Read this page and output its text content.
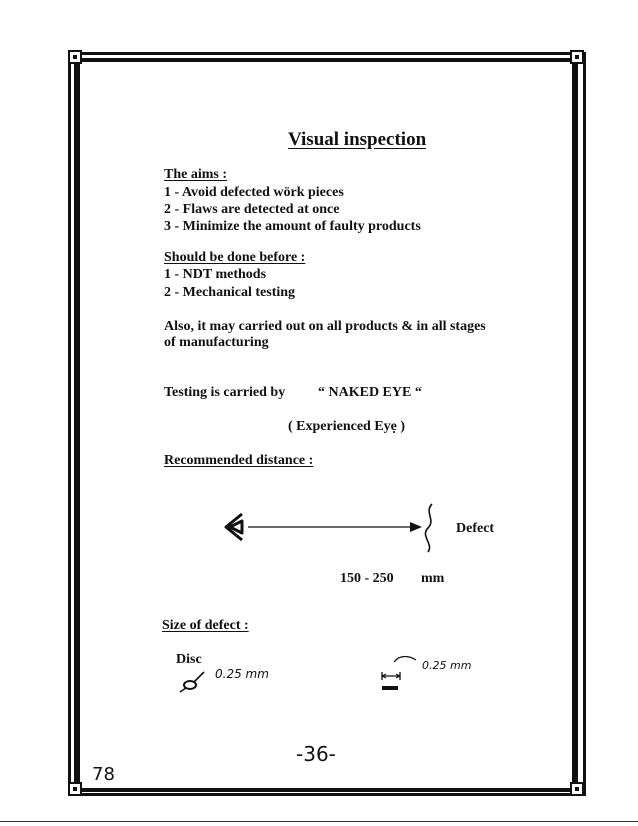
Visual inspection
The aims :
1 - Avoid defected wörk pieces
2 - Flaws are detected at once
3 - Minimize the amount of faulty products
Should be done before :
1 - NDT methods
2 - Mechanical testing
Also, it may carried out on all products & in all stages
of manufacturing
Testing is carried by “ NAKED EYE “
( Experienced Eyẹ )
Recommended distance :
Defect
150 - 250 mm
Size of defect :
Disc
0.25 mm
0.25 mm
-36-
78
